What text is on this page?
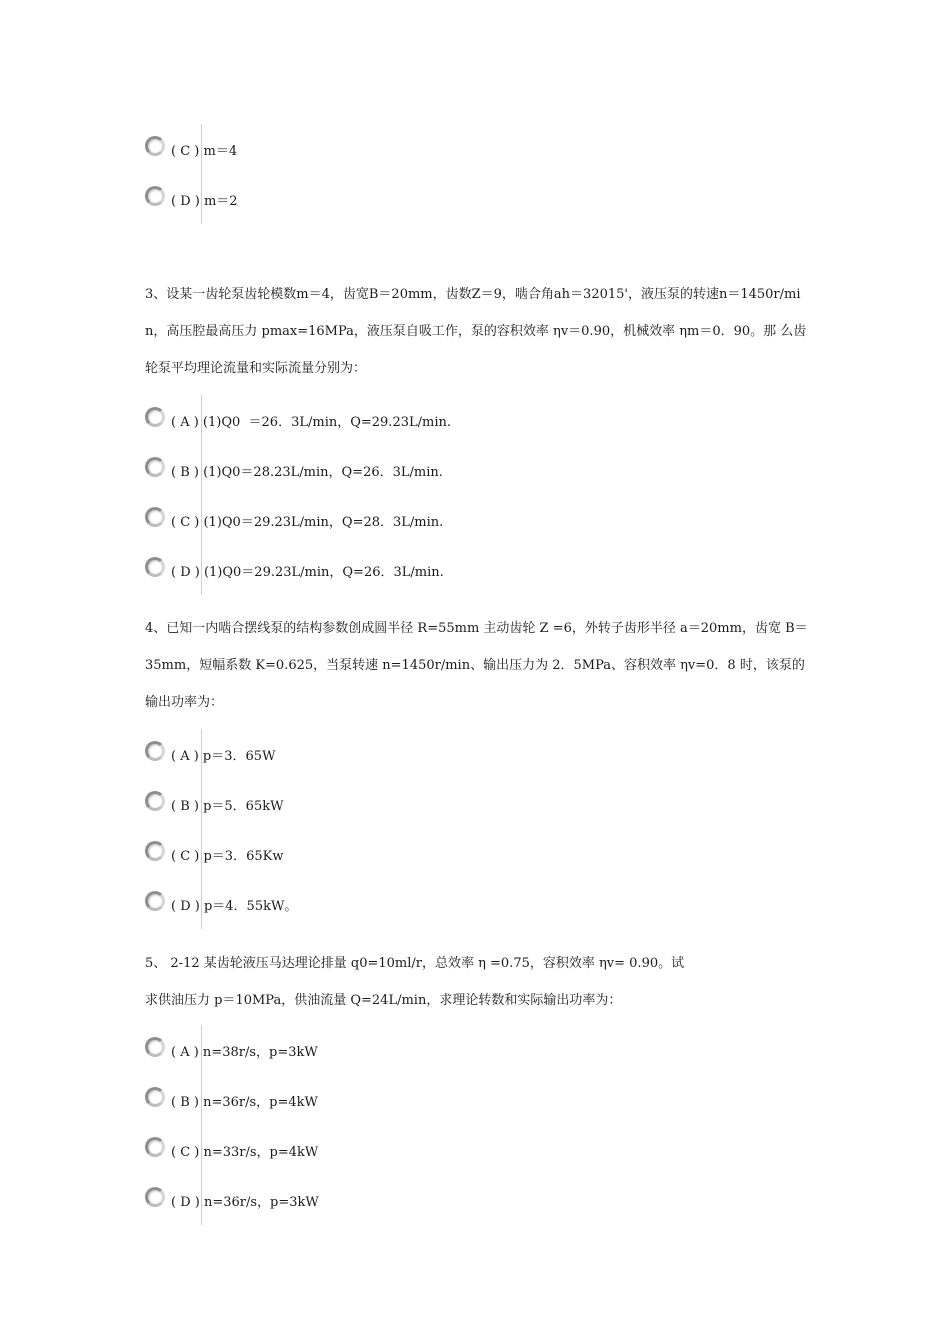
( C ) m＝4
( D ) m＝2

3、设某一齿轮泵齿轮模数m＝4，齿宽B＝20mm，齿数Z＝9，啮合角ah＝32015'，液压泵的转速n＝1450r/min，高压腔最高压力 pmax=16MPa，液压泵自吸工作，泵的容积效率 ηv＝0.90，机械效率 ηm＝0．90。那 么齿轮泵平均理论流量和实际流量分别为：

( A ) (1)Q0  ＝26．3L/min，Q=29.23L/min.
( B ) (1)Q0＝28.23L/min，Q=26．3L/min.
( C ) (1)Q0＝29.23L/min，Q=28．3L/min.
( D ) (1)Q0＝29.23L/min，Q=26．3L/min.

4、已知一内啮合摆线泵的结构参数创成圆半径 R=55mm 主动齿轮 Z =6，外转子齿形半径 a＝20mm，齿宽 B＝35mm，短幅系数 K=0.625，当泵转速 n=1450r/min、输出压力为 2．5MPa、容积效率 ηv=0．8 时，该泵的输出功率为：

( A ) p＝3．65W
( B ) p＝5．65kW
( C ) p＝3．65Kw
( D ) p＝4．55kW。

5、 2-12 某齿轮液压马达理论排量 q0=10ml/r，总效率 η =0.75，容积效率 ηv= 0.90。试

求供油压力 p＝10MPa，供油流量 Q=24L/min，求理论转数和实际输出功率为：

( A ) n=38r/s，p=3kW
( B ) n=36r/s，p=4kW
( C ) n=33r/s，p=4kW
( D ) n=36r/s，p=3kW
